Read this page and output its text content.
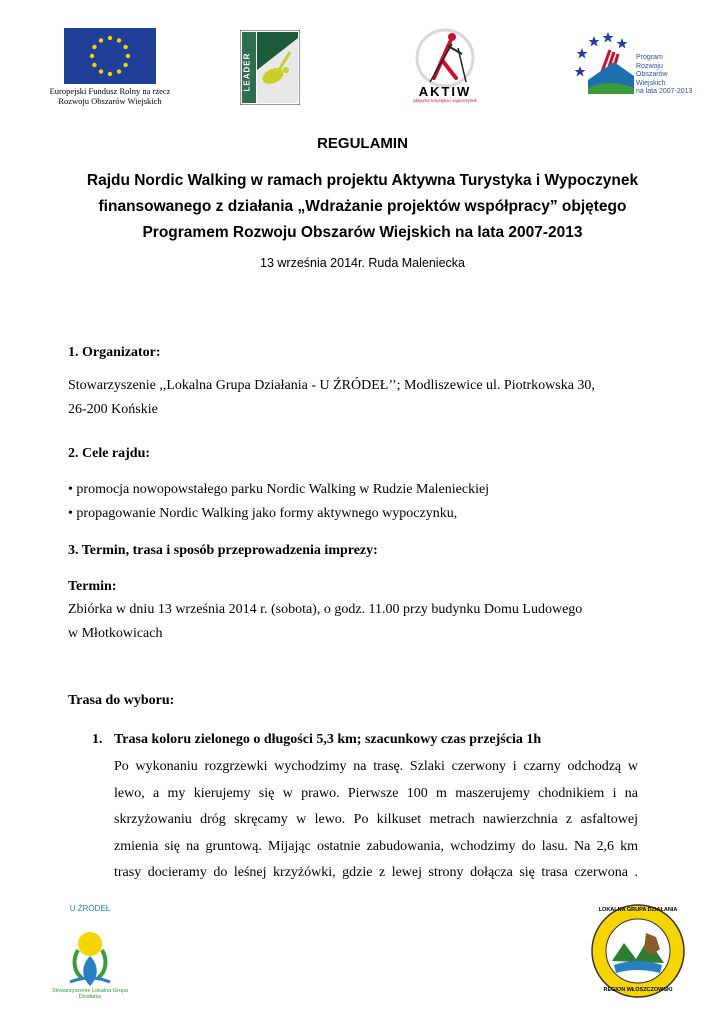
Europejski Fundusz Rolny na rzecz
Rozwoju Obszarów Wiejskich
LEADER	AKTIW
aktywna turystyka i wypoczynek
Program
Rozwoju
Obszarów
Wiejskich
na lata 2007-2013
REGULAMIN
Rajdu Nordic Walking w ramach projektu Aktywna Turystyka i Wypoczynek
finansowanego z działania „Wdrażanie projektów współpracy” objętego
Programem Rozwoju Obszarów Wiejskich na lata 2007-2013
13 września 2014r. Ruda Maleniecka
1. Organizator:
Stowarzyszenie ,,Lokalna Grupa Działania - U ŹRÓDEŁ’’; Modliszewice ul. Piotrkowska 30,
26-200 Końskie
2. Cele rajdu:
• promocja nowopowstałego parku Nordic Walking w Rudzie Malenieckiej
• propagowanie Nordic Walking jako formy aktywnego wypoczynku,
3. Termin, trasa i sposób przeprowadzenia imprezy:
Termin:
Zbiórka w dniu 13 września 2014 r. (sobota), o godz. 11.00 przy budynku Domu Ludowego
w Młotkowicach
Trasa do wyboru:
1. Trasa koloru zielonego o długości 5,3 km; szacunkowy czas przejścia 1h
Po wykonaniu rozgrzewki wychodzimy na trasę. Szlaki czerwony i czarny odchodzą w
lewo, a my kierujemy się w prawo. Pierwsze 100 m maszerujemy chodnikiem i na
skrzyżowaniu dróg skręcamy w lewo. Po kilkuset metrach nawierzchnia z asfaltowej
zmienia się na gruntową. Mijając ostatnie zabudowania, wchodzimy do lasu. Na 2,6 km
trasy docieramy do leśnej krzyżówki, gdzie z lewej strony dołącza się trasa czerwona .
U ŹRÓDEŁ
Stowarzyszenie Lokalna Grupa Działania
LOKALNA GRUPA DZIAŁANIA
REGION WŁOSZCZOWSKI
